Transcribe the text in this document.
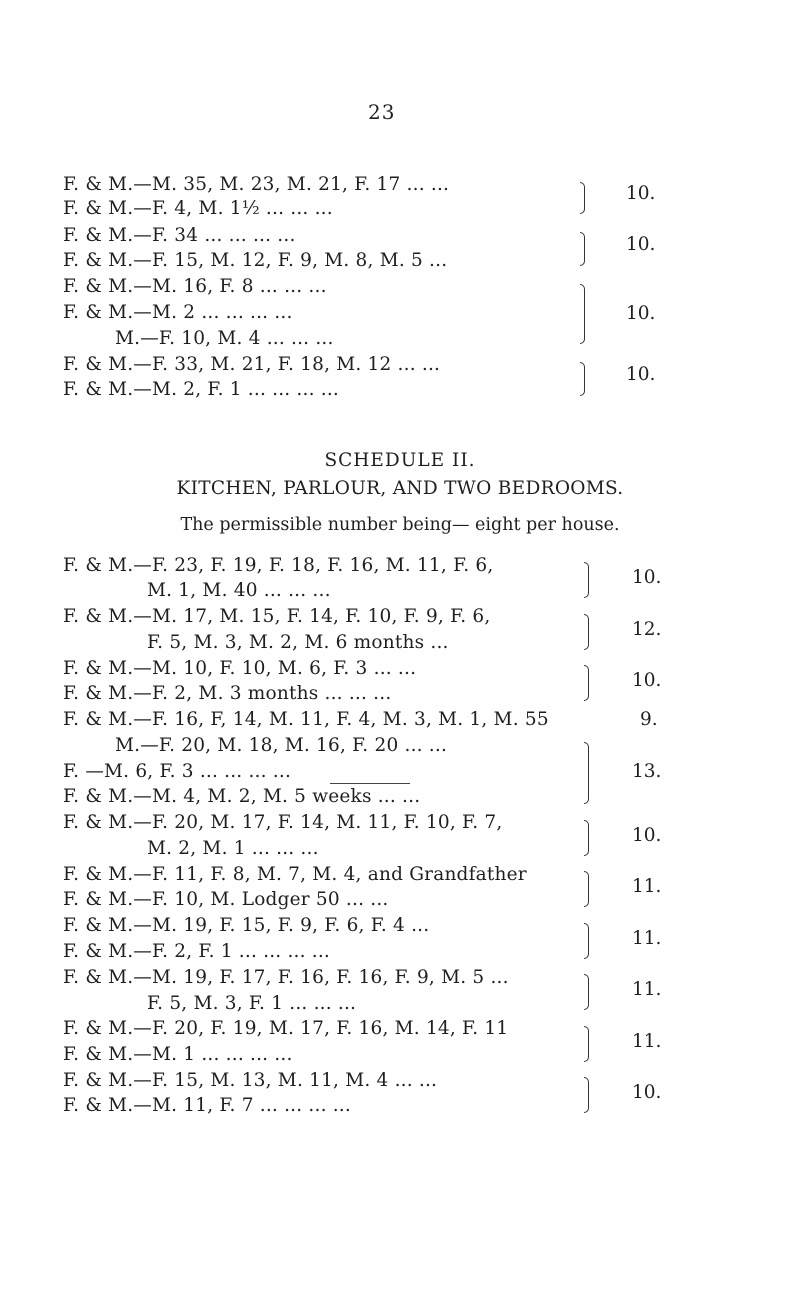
23
F. & M.—M. 35, M. 23, M. 21, F. 17 ... ...
F. & M.—F. 4, M. 1½ ... ... ...
F. & M.—F. 34 ... ... ... ...
F. & M.—F. 15, M. 12, F. 9, M. 8, M. 5 ...
F. & M.—M. 16, F. 8 ... ... ...
F. & M.—M. 2 ... ... ... ...
M.—F. 10, M. 4 ... ... ...
F. & M.—F. 33, M. 21, F. 18, M. 12 ... ...
F. & M.—M. 2, F. 1 ... ... ... ...
10.
10.
10.
10.
SCHEDULE II.
KITCHEN, PARLOUR, AND TWO BEDROOMS.
The permissible number being— eight per house.
F. & M.—F. 23, F. 19, F. 18, F. 16, M. 11, F. 6,
M. 1, M. 40 ... ... ...
F. & M.—M. 17, M. 15, F. 14, F. 10, F. 9, F. 6,
F. 5, M. 3, M. 2, M. 6 months ...
F. & M.—M. 10, F. 10, M. 6, F. 3 ... ...
F. & M.—F. 2, M. 3 months ... ... ...
F. & M.—F. 16, F, 14, M. 11, F. 4, M. 3, M. 1, M. 55
M.—F. 20, M. 18, M. 16, F. 20 ... ...
F. —M. 6, F. 3 ... ... ... ...
F. & M.—M. 4, M. 2, M. 5 weeks ... ...
F. & M.—F. 20, M. 17, F. 14, M. 11, F. 10, F. 7,
M. 2, M. 1 ... ... ...
F. & M.—F. 11, F. 8, M. 7, M. 4, and Grandfather
F. & M.—F. 10, M. Lodger 50 ... ...
F. & M.—M. 19, F. 15, F. 9, F. 6, F. 4 ...
F. & M.—F. 2, F. 1 ... ... ... ...
F. & M.—M. 19, F. 17, F. 16, F. 16, F. 9, M. 5 ...
F. 5, M. 3, F. 1 ... ... ...
F. & M.—F. 20, F. 19, M. 17, F. 16, M. 14, F. 11
F. & M.—M. 1 ... ... ... ...
F. & M.—F. 15, M. 13, M. 11, M. 4 ... ...
F. & M.—M. 11, F. 7 ... ... ... ...
10.
12.
10.
9.
13.
10.
11.
11.
11.
11.
10.
